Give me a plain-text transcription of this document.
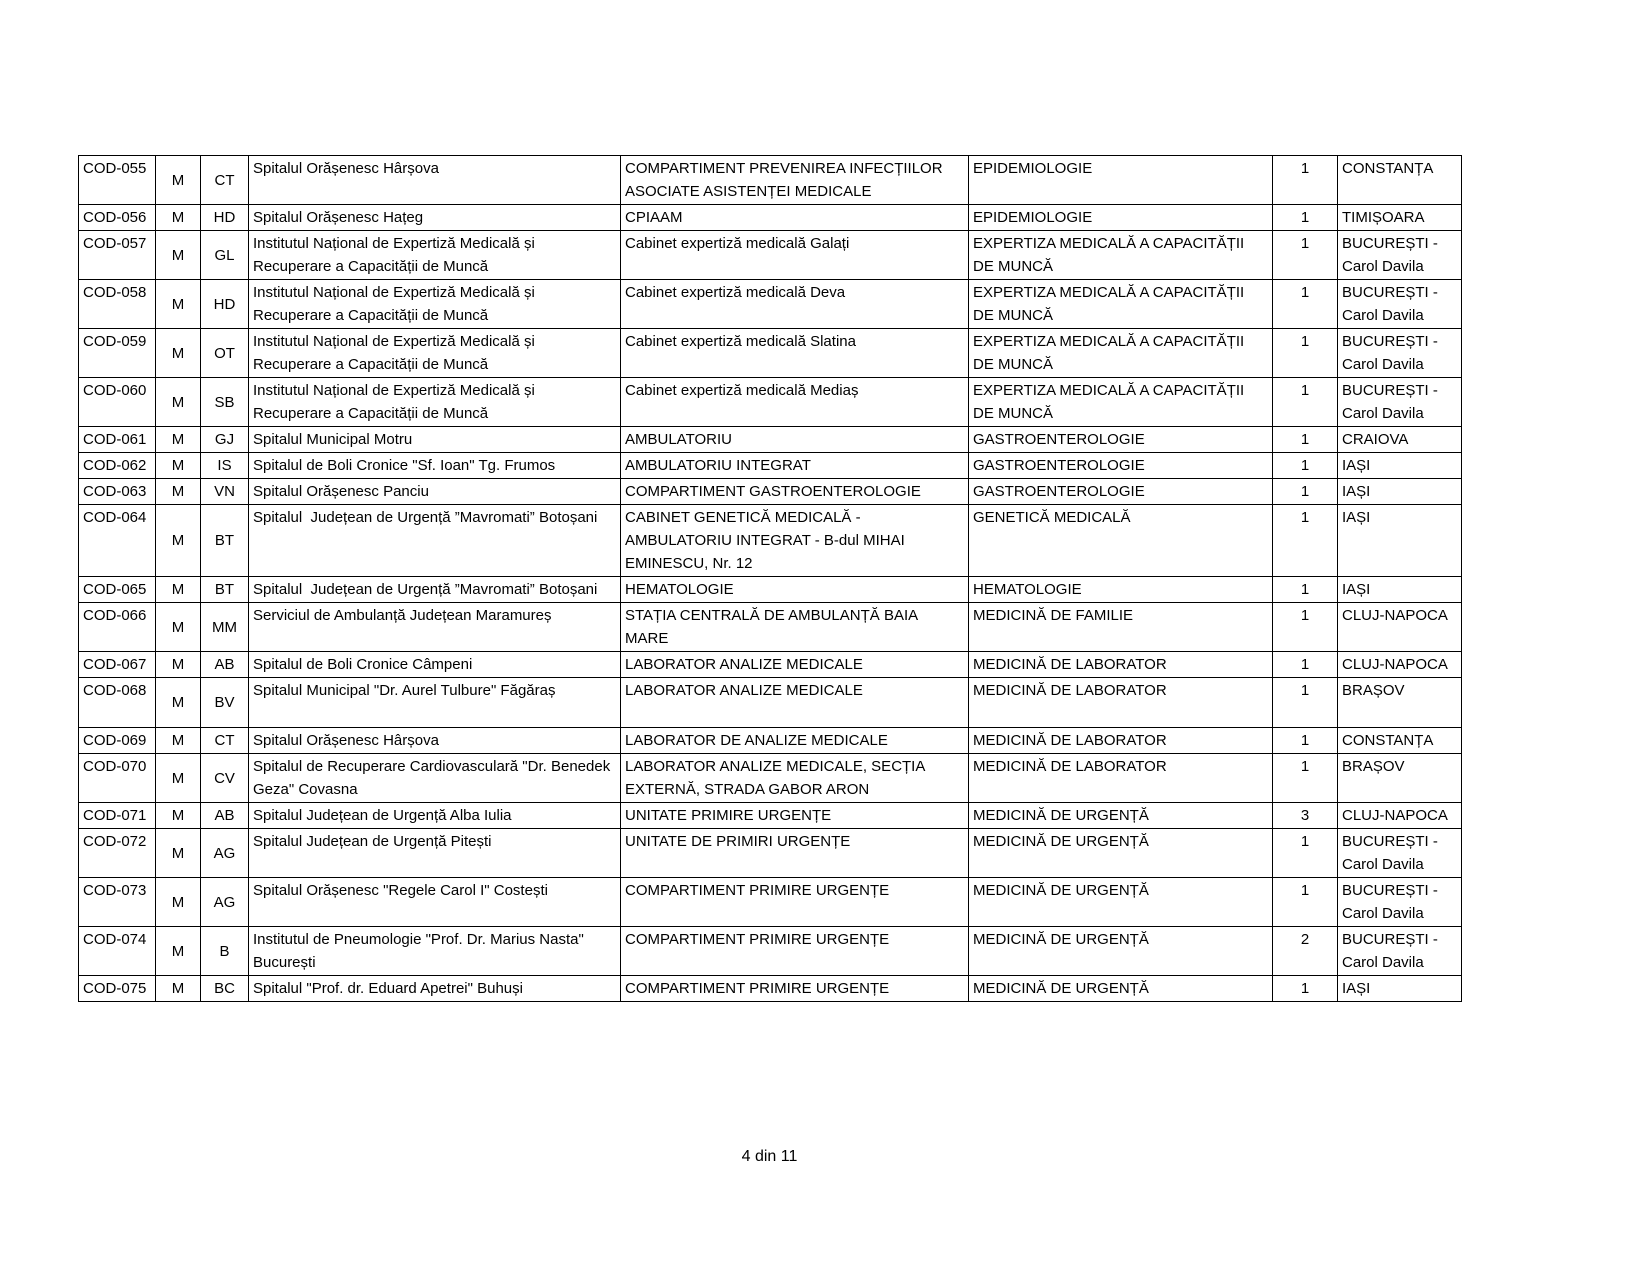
COD-055	M	CT	Spitalul Orășenesc Hârșova	COMPARTIMENT PREVENIREA INFECȚIILOR ASOCIATE ASISTENȚEI MEDICALE	EPIDEMIOLOGIE	1	CONSTANȚA
COD-056	M	HD	Spitalul Orășenesc Hațeg	CPIAAM	EPIDEMIOLOGIE	1	TIMIȘOARA
COD-057	M	GL	Institutul Național de Expertiză Medicală și Recuperare a Capacității de Muncă	Cabinet expertiză medicală Galați	EXPERTIZA MEDICALĂ A CAPACITĂȚII DE MUNCĂ	1	BUCUREȘTI - Carol Davila
COD-058	M	HD	Institutul Național de Expertiză Medicală și Recuperare a Capacității de Muncă	Cabinet expertiză medicală Deva	EXPERTIZA MEDICALĂ A CAPACITĂȚII DE MUNCĂ	1	BUCUREȘTI - Carol Davila
COD-059	M	OT	Institutul Național de Expertiză Medicală și Recuperare a Capacității de Muncă	Cabinet expertiză medicală Slatina	EXPERTIZA MEDICALĂ A CAPACITĂȚII DE MUNCĂ	1	BUCUREȘTI - Carol Davila
COD-060	M	SB	Institutul Național de Expertiză Medicală și Recuperare a Capacității de Muncă	Cabinet expertiză medicală Mediaș	EXPERTIZA MEDICALĂ A CAPACITĂȚII DE MUNCĂ	1	BUCUREȘTI - Carol Davila
COD-061	M	GJ	Spitalul Municipal Motru	AMBULATORIU	GASTROENTEROLOGIE	1	CRAIOVA
COD-062	M	IS	Spitalul de Boli Cronice "Sf. Ioan" Tg. Frumos	AMBULATORIU INTEGRAT	GASTROENTEROLOGIE	1	IAȘI
COD-063	M	VN	Spitalul Orășenesc Panciu	COMPARTIMENT GASTROENTEROLOGIE	GASTROENTEROLOGIE	1	IAȘI
COD-064	M	BT	Spitalul  Județean de Urgență ”Mavromati” Botoșani	CABINET GENETICĂ MEDICALĂ - AMBULATORIU INTEGRAT - B-dul MIHAI EMINESCU, Nr. 12	GENETICĂ MEDICALĂ	1	IAȘI
COD-065	M	BT	Spitalul  Județean de Urgență ”Mavromati” Botoșani	HEMATOLOGIE	HEMATOLOGIE	1	IAȘI
COD-066	M	MM	Serviciul de Ambulanță Județean Maramureș	STAȚIA CENTRALĂ DE AMBULANȚĂ BAIA MARE	MEDICINĂ DE FAMILIE	1	CLUJ-NAPOCA
COD-067	M	AB	Spitalul de Boli Cronice Câmpeni	LABORATOR ANALIZE MEDICALE	MEDICINĂ DE LABORATOR	1	CLUJ-NAPOCA
COD-068	M	BV	Spitalul Municipal "Dr. Aurel Tulbure" Făgăraș	LABORATOR ANALIZE MEDICALE	MEDICINĂ DE LABORATOR	1	BRAȘOV
COD-069	M	CT	Spitalul Orășenesc Hârșova	LABORATOR DE ANALIZE MEDICALE	MEDICINĂ DE LABORATOR	1	CONSTANȚA
COD-070	M	CV	Spitalul de Recuperare Cardiovasculară "Dr. Benedek Geza" Covasna	LABORATOR ANALIZE MEDICALE, SECȚIA EXTERNĂ, STRADA GABOR ARON	MEDICINĂ DE LABORATOR	1	BRAȘOV
COD-071	M	AB	Spitalul Județean de Urgență Alba Iulia	UNITATE PRIMIRE URGENȚE	MEDICINĂ DE URGENȚĂ	3	CLUJ-NAPOCA
COD-072	M	AG	Spitalul Județean de Urgență Pitești	UNITATE DE PRIMIRI URGENȚE	MEDICINĂ DE URGENȚĂ	1	BUCUREȘTI - Carol Davila
COD-073	M	AG	Spitalul Orășenesc "Regele Carol I" Costești	COMPARTIMENT PRIMIRE URGENȚE	MEDICINĂ DE URGENȚĂ	1	BUCUREȘTI - Carol Davila
COD-074	M	B	Institutul de Pneumologie "Prof. Dr. Marius Nasta" București	COMPARTIMENT PRIMIRE URGENȚE	MEDICINĂ DE URGENȚĂ	2	BUCUREȘTI - Carol Davila
COD-075	M	BC	Spitalul "Prof. dr. Eduard Apetrei" Buhuși	COMPARTIMENT PRIMIRE URGENȚE	MEDICINĂ DE URGENȚĂ	1	IAȘI
4 din 11
